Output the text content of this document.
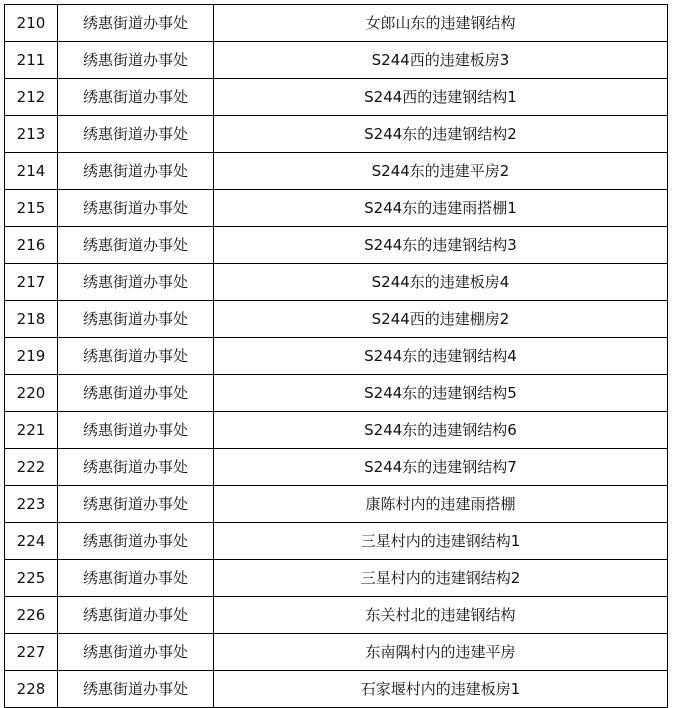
210	绣惠街道办事处	女郎山东的违建钢结构
211	绣惠街道办事处	S244西的违建板房3
212	绣惠街道办事处	S244西的违建钢结构1
213	绣惠街道办事处	S244东的违建钢结构2
214	绣惠街道办事处	S244东的违建平房2
215	绣惠街道办事处	S244东的违建雨搭棚1
216	绣惠街道办事处	S244东的违建钢结构3
217	绣惠街道办事处	S244东的违建板房4
218	绣惠街道办事处	S244西的违建棚房2
219	绣惠街道办事处	S244东的违建钢结构4
220	绣惠街道办事处	S244东的违建钢结构5
221	绣惠街道办事处	S244东的违建钢结构6
222	绣惠街道办事处	S244东的违建钢结构7
223	绣惠街道办事处	康陈村内的违建雨搭棚
224	绣惠街道办事处	三星村内的违建钢结构1
225	绣惠街道办事处	三星村内的违建钢结构2
226	绣惠街道办事处	东关村北的违建钢结构
227	绣惠街道办事处	东南隅村内的违建平房
228	绣惠街道办事处	石家堰村内的违建板房1
